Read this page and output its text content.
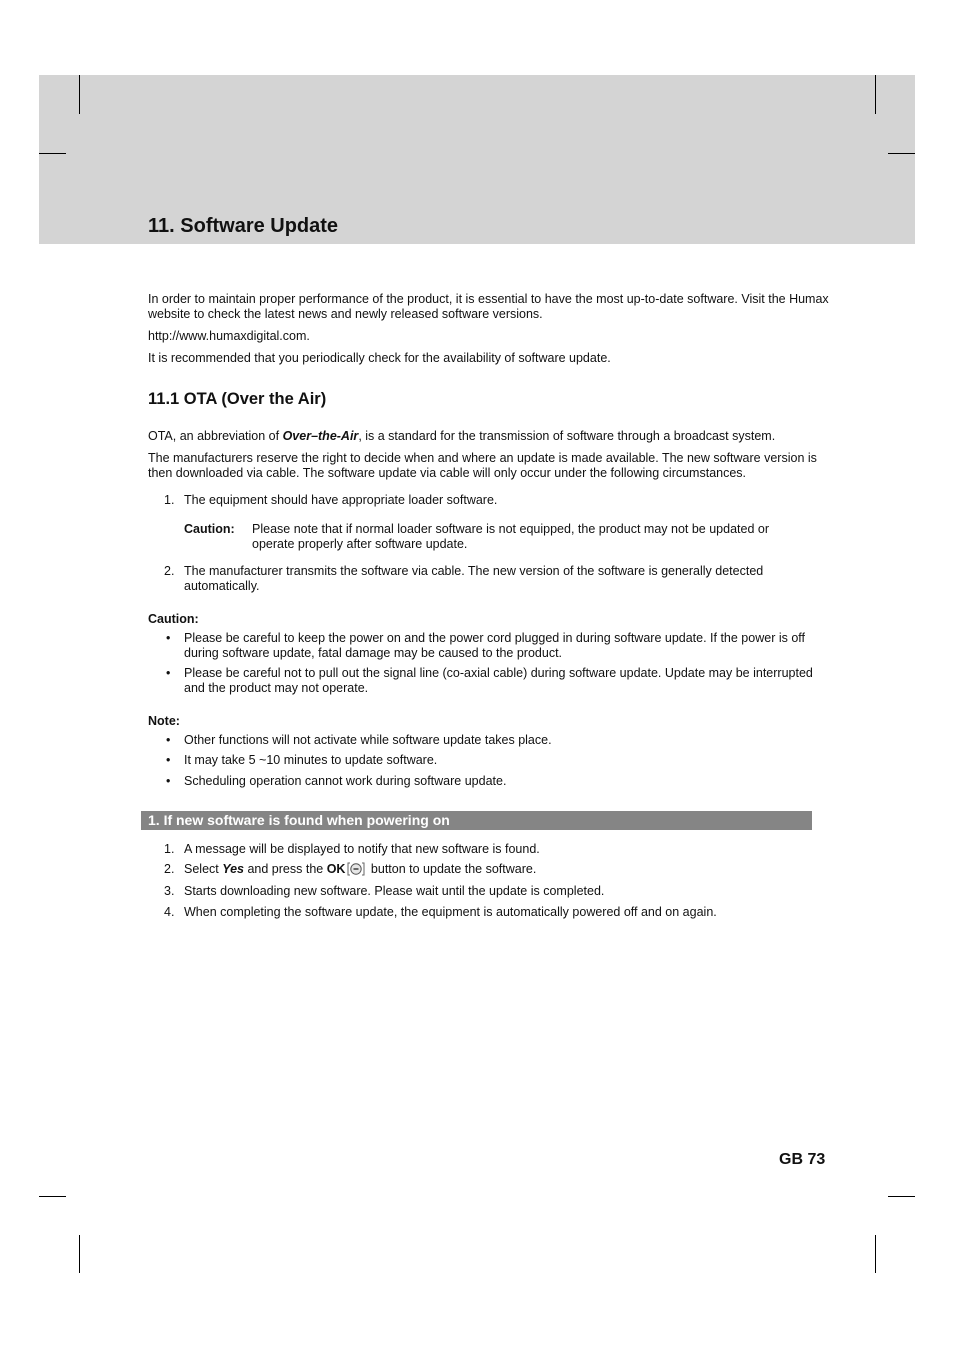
11. Software Update

In order to maintain proper performance of the product, it is essential to have the most up-to-date software. Visit the Humax website to check the latest news and newly released software versions.

http://www.humaxdigital.com.

It is recommended that you periodically check for the availability of software update.

11.1 OTA (Over the Air)

OTA, an abbreviation of Over–the-Air, is a standard for the transmission of software through a broadcast system.

The manufacturers reserve the right to decide when and where an update is made available. The new software version is then downloaded via cable. The software update via cable will only occur under the following circumstances.

1. The equipment should have appropriate loader software.
Caution: Please note that if normal loader software is not equipped, the product may not be updated or operate properly after software update.
2. The manufacturer transmits the software via cable. The new version of the software is generally detected automatically.
Caution:
• Please be careful to keep the power on and the power cord plugged in during software update. If the power is off during software update, fatal damage may be caused to the product.
• Please be careful not to pull out the signal line (co-axial cable) during software update. Update may be interrupted and the product may not operate.
Note:
• Other functions will not activate while software update takes place.
• It may take 5 ~10 minutes to update software.
• Scheduling operation cannot work during software update.
1. If new software is found when powering on
1. A message will be displayed to notify that new software is found.
2. Select Yes and press the OK button to update the software.
3. Starts downloading new software. Please wait until the update is completed.
4. When completing the software update, the equipment is automatically powered off and on again.
GB 73
